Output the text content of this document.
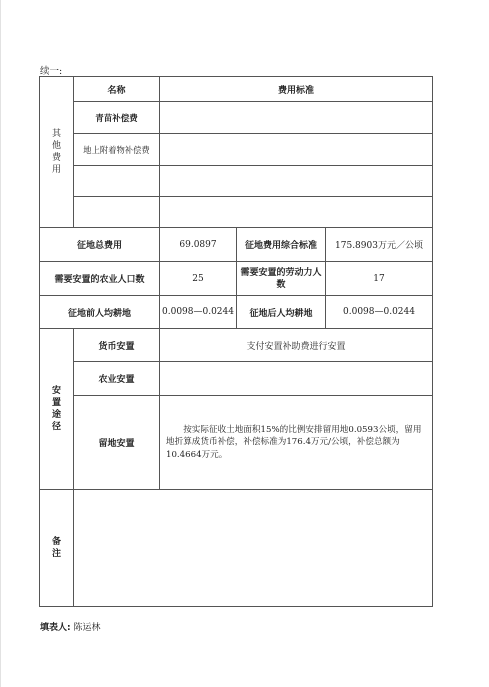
续一:
其
他
费
用	名称	费用标准		
	青苗补偿费			
	地上附着物补偿费			

征地总费用		69.0897	征地费用综合标准	175.8903万元／公顷
需要安置的农业人口数		25	需要安置的劳动力人数	17
征地前人均耕地		0.0098—0.0244	征地后人均耕地	0.0098—0.0244

安
置
途
径	货币安置	支付安置补助费进行安置		
	农业安置			
	留地安置	按实际征收土地面积15%的比例安排留用地0.0593公顷，留用地折算成货币补偿，补偿标准为176.4万元/公顷，补偿总额为10.4664万元。		

备
注				

填表人: 陈运林
